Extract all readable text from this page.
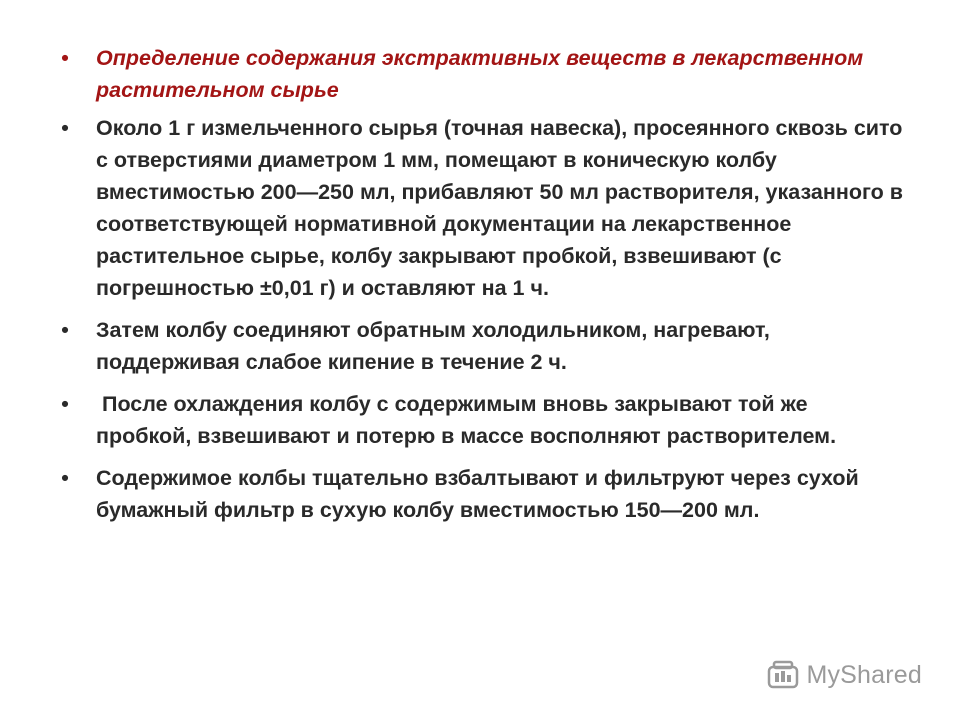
• Определение содержания экстрактивных веществ в лекарственном растительном сырье
• Около 1 г измельченного сырья (точная навеска), просеянного сквозь сито с отверстиями диаметром 1 мм, помещают в коническую колбу вместимостью 200—250 мл, прибавляют 50 мл растворителя, указанного в соответствующей нормативной документации на лекарственное растительное сырье, колбу закрывают пробкой, взвешивают (с погрешностью ±0,01 г) и оставляют на 1 ч.
• Затем колбу соединяют обратным холодильником, нагревают, поддерживая слабое кипение в течение 2 ч.
• После охлаждения колбу с содержимым вновь закрывают той же пробкой, взвешивают и потерю в массе восполняют растворителем.
• Содержимое колбы тщательно взбалтывают и фильтруют через сухой бумажный фильтр в сухую колбу вместимостью 150—200 мл.
MyShared
